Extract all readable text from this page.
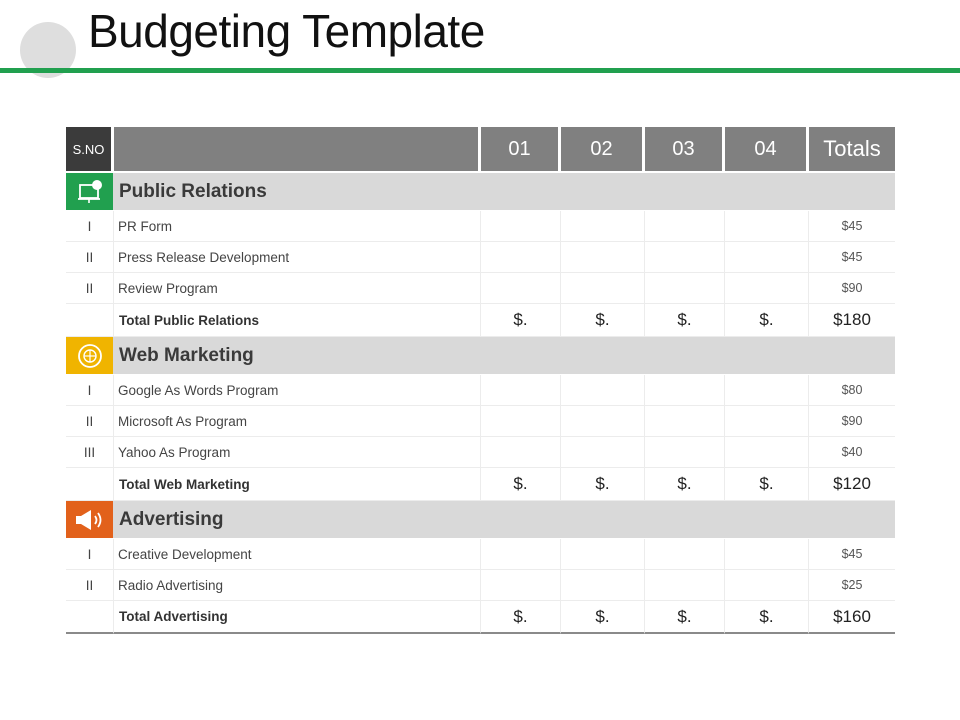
Budgeting Template
S.NO		01	02	03	04	Totals

	Public Relations					
I	PR Form					$45
II	Press Release Development					$45
II	Review Program					$90
	Total Public Relations	$.	$.	$.	$.	$180

	Web Marketing					
I	Google As Words Program					$80
II	Microsoft As Program					$90
III	Yahoo As Program					$40
	Total Web Marketing	$.	$.	$.	$.	$120

	Advertising					
I	Creative Development					$45
II	Radio Advertising					$25
	Total Advertising	$.	$.	$.	$.	$160
